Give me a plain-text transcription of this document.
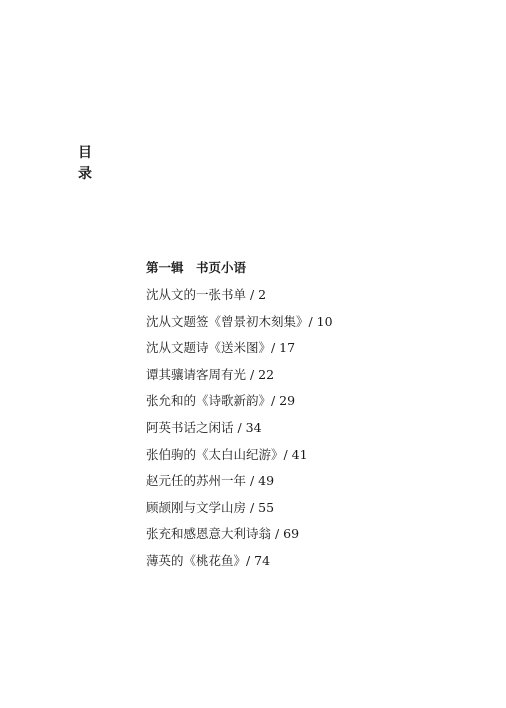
目
录
第一辑　书页小语
沈从文的一张书单 / 2
沈从文题签《曾景初木刻集》/ 10
沈从文题诗《送米图》/ 17
谭其骧请客周有光 / 22
张允和的《诗歌新韵》/ 29
阿英书话之闲话 / 34
张伯驹的《太白山纪游》/ 41
赵元任的苏州一年 / 49
顾颉刚与文学山房 / 55
张充和感恩意大利诗翁 / 69
薄英的《桃花鱼》/ 74
